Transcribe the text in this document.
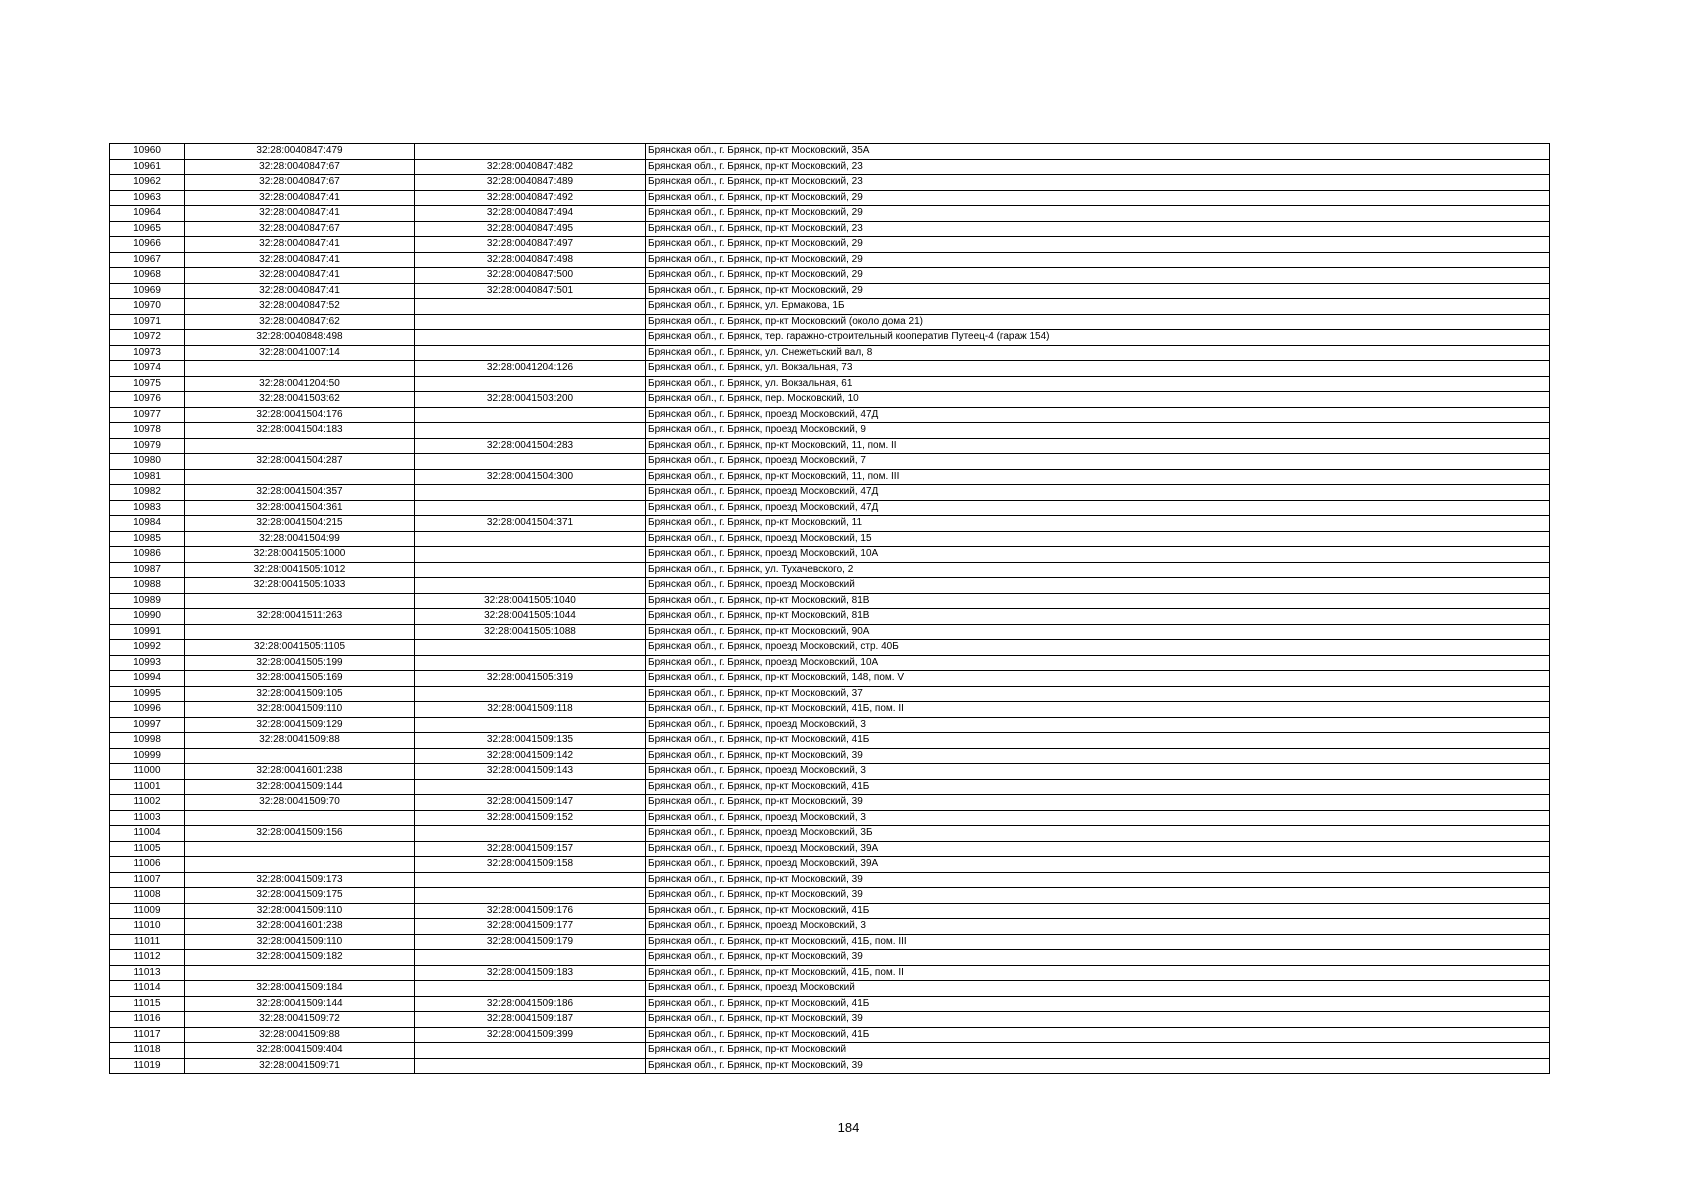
10960	32:28:0040847:479		Брянская обл., г. Брянск, пр-кт Московский, 35А
10961	32:28:0040847:67	32:28:0040847:482	Брянская обл., г. Брянск, пр-кт Московский, 23
10962	32:28:0040847:67	32:28:0040847:489	Брянская обл., г. Брянск, пр-кт Московский, 23
10963	32:28:0040847:41	32:28:0040847:492	Брянская обл., г. Брянск, пр-кт Московский, 29
10964	32:28:0040847:41	32:28:0040847:494	Брянская обл., г. Брянск, пр-кт Московский, 29
10965	32:28:0040847:67	32:28:0040847:495	Брянская обл., г. Брянск, пр-кт Московский, 23
10966	32:28:0040847:41	32:28:0040847:497	Брянская обл., г. Брянск, пр-кт Московский, 29
10967	32:28:0040847:41	32:28:0040847:498	Брянская обл., г. Брянск, пр-кт Московский, 29
10968	32:28:0040847:41	32:28:0040847:500	Брянская обл., г. Брянск, пр-кт Московский, 29
10969	32:28:0040847:41	32:28:0040847:501	Брянская обл., г. Брянск, пр-кт Московский, 29
10970	32:28:0040847:52		Брянская обл., г. Брянск, ул. Ермакова, 1Б
10971	32:28:0040847:62		Брянская обл., г. Брянск, пр-кт Московский (около дома 21)
10972	32:28:0040848:498		Брянская обл., г. Брянск, тер. гаражно-строительный кооператив Путеец-4 (гараж 154)
10973	32:28:0041007:14		Брянская обл., г. Брянск, ул. Снежетьский вал, 8
10974		32:28:0041204:126	Брянская обл., г. Брянск, ул. Вокзальная, 73
10975	32:28:0041204:50		Брянская обл., г. Брянск, ул. Вокзальная, 61
10976	32:28:0041503:62	32:28:0041503:200	Брянская обл., г. Брянск, пер. Московский, 10
10977	32:28:0041504:176		Брянская обл., г. Брянск, проезд Московский, 47Д
10978	32:28:0041504:183		Брянская обл., г. Брянск, проезд Московский, 9
10979		32:28:0041504:283	Брянская обл., г. Брянск, пр-кт Московский, 11, пом. II
10980	32:28:0041504:287		Брянская обл., г. Брянск, проезд Московский, 7
10981		32:28:0041504:300	Брянская обл., г. Брянск, пр-кт Московский, 11, пом. III
10982	32:28:0041504:357		Брянская обл., г. Брянск, проезд Московский, 47Д
10983	32:28:0041504:361		Брянская обл., г. Брянск, проезд Московский, 47Д
10984	32:28:0041504:215	32:28:0041504:371	Брянская обл., г. Брянск, пр-кт Московский, 11
10985	32:28:0041504:99		Брянская обл., г. Брянск, проезд Московский, 15
10986	32:28:0041505:1000		Брянская обл., г. Брянск, проезд Московский, 10А
10987	32:28:0041505:1012		Брянская обл., г. Брянск, ул. Тухачевского, 2
10988	32:28:0041505:1033		Брянская обл., г. Брянск, проезд Московский
10989		32:28:0041505:1040	Брянская обл., г. Брянск, пр-кт Московский, 81В
10990	32:28:0041511:263	32:28:0041505:1044	Брянская обл., г. Брянск, пр-кт Московский, 81В
10991		32:28:0041505:1088	Брянская обл., г. Брянск, пр-кт Московский, 90А
10992	32:28:0041505:1105		Брянская обл., г. Брянск, проезд Московский, стр. 40Б
10993	32:28:0041505:199		Брянская обл., г. Брянск, проезд Московский, 10А
10994	32:28:0041505:169	32:28:0041505:319	Брянская обл., г. Брянск, пр-кт Московский, 148, пом. V
10995	32:28:0041509:105		Брянская обл., г. Брянск, пр-кт Московский, 37
10996	32:28:0041509:110	32:28:0041509:118	Брянская обл., г. Брянск, пр-кт Московский, 41Б, пом. II
10997	32:28:0041509:129		Брянская обл., г. Брянск, проезд Московский, 3
10998	32:28:0041509:88	32:28:0041509:135	Брянская обл., г. Брянск, пр-кт Московский, 41Б
10999		32:28:0041509:142	Брянская обл., г. Брянск, пр-кт Московский, 39
11000	32:28:0041601:238	32:28:0041509:143	Брянская обл., г. Брянск, проезд Московский, 3
11001	32:28:0041509:144		Брянская обл., г. Брянск, пр-кт Московский, 41Б
11002	32:28:0041509:70	32:28:0041509:147	Брянская обл., г. Брянск, пр-кт Московский, 39
11003		32:28:0041509:152	Брянская обл., г. Брянск, проезд Московский, 3
11004	32:28:0041509:156		Брянская обл., г. Брянск, проезд Московский, 3Б
11005		32:28:0041509:157	Брянская обл., г. Брянск, проезд Московский, 39А
11006		32:28:0041509:158	Брянская обл., г. Брянск, проезд Московский, 39А
11007	32:28:0041509:173		Брянская обл., г. Брянск, пр-кт Московский, 39
11008	32:28:0041509:175		Брянская обл., г. Брянск, пр-кт Московский, 39
11009	32:28:0041509:110	32:28:0041509:176	Брянская обл., г. Брянск, пр-кт Московский, 41Б
11010	32:28:0041601:238	32:28:0041509:177	Брянская обл., г. Брянск, проезд Московский, 3
11011	32:28:0041509:110	32:28:0041509:179	Брянская обл., г. Брянск, пр-кт Московский, 41Б, пом. III
11012	32:28:0041509:182		Брянская обл., г. Брянск, пр-кт Московский, 39
11013		32:28:0041509:183	Брянская обл., г. Брянск, пр-кт Московский, 41Б, пом. II
11014	32:28:0041509:184		Брянская обл., г. Брянск, проезд Московский
11015	32:28:0041509:144	32:28:0041509:186	Брянская обл., г. Брянск, пр-кт Московский, 41Б
11016	32:28:0041509:72	32:28:0041509:187	Брянская обл., г. Брянск, пр-кт Московский, 39
11017	32:28:0041509:88	32:28:0041509:399	Брянская обл., г. Брянск, пр-кт Московский, 41Б
11018	32:28:0041509:404		Брянская обл., г. Брянск, пр-кт Московский
11019	32:28:0041509:71		Брянская обл., г. Брянск, пр-кт Московский, 39
184
